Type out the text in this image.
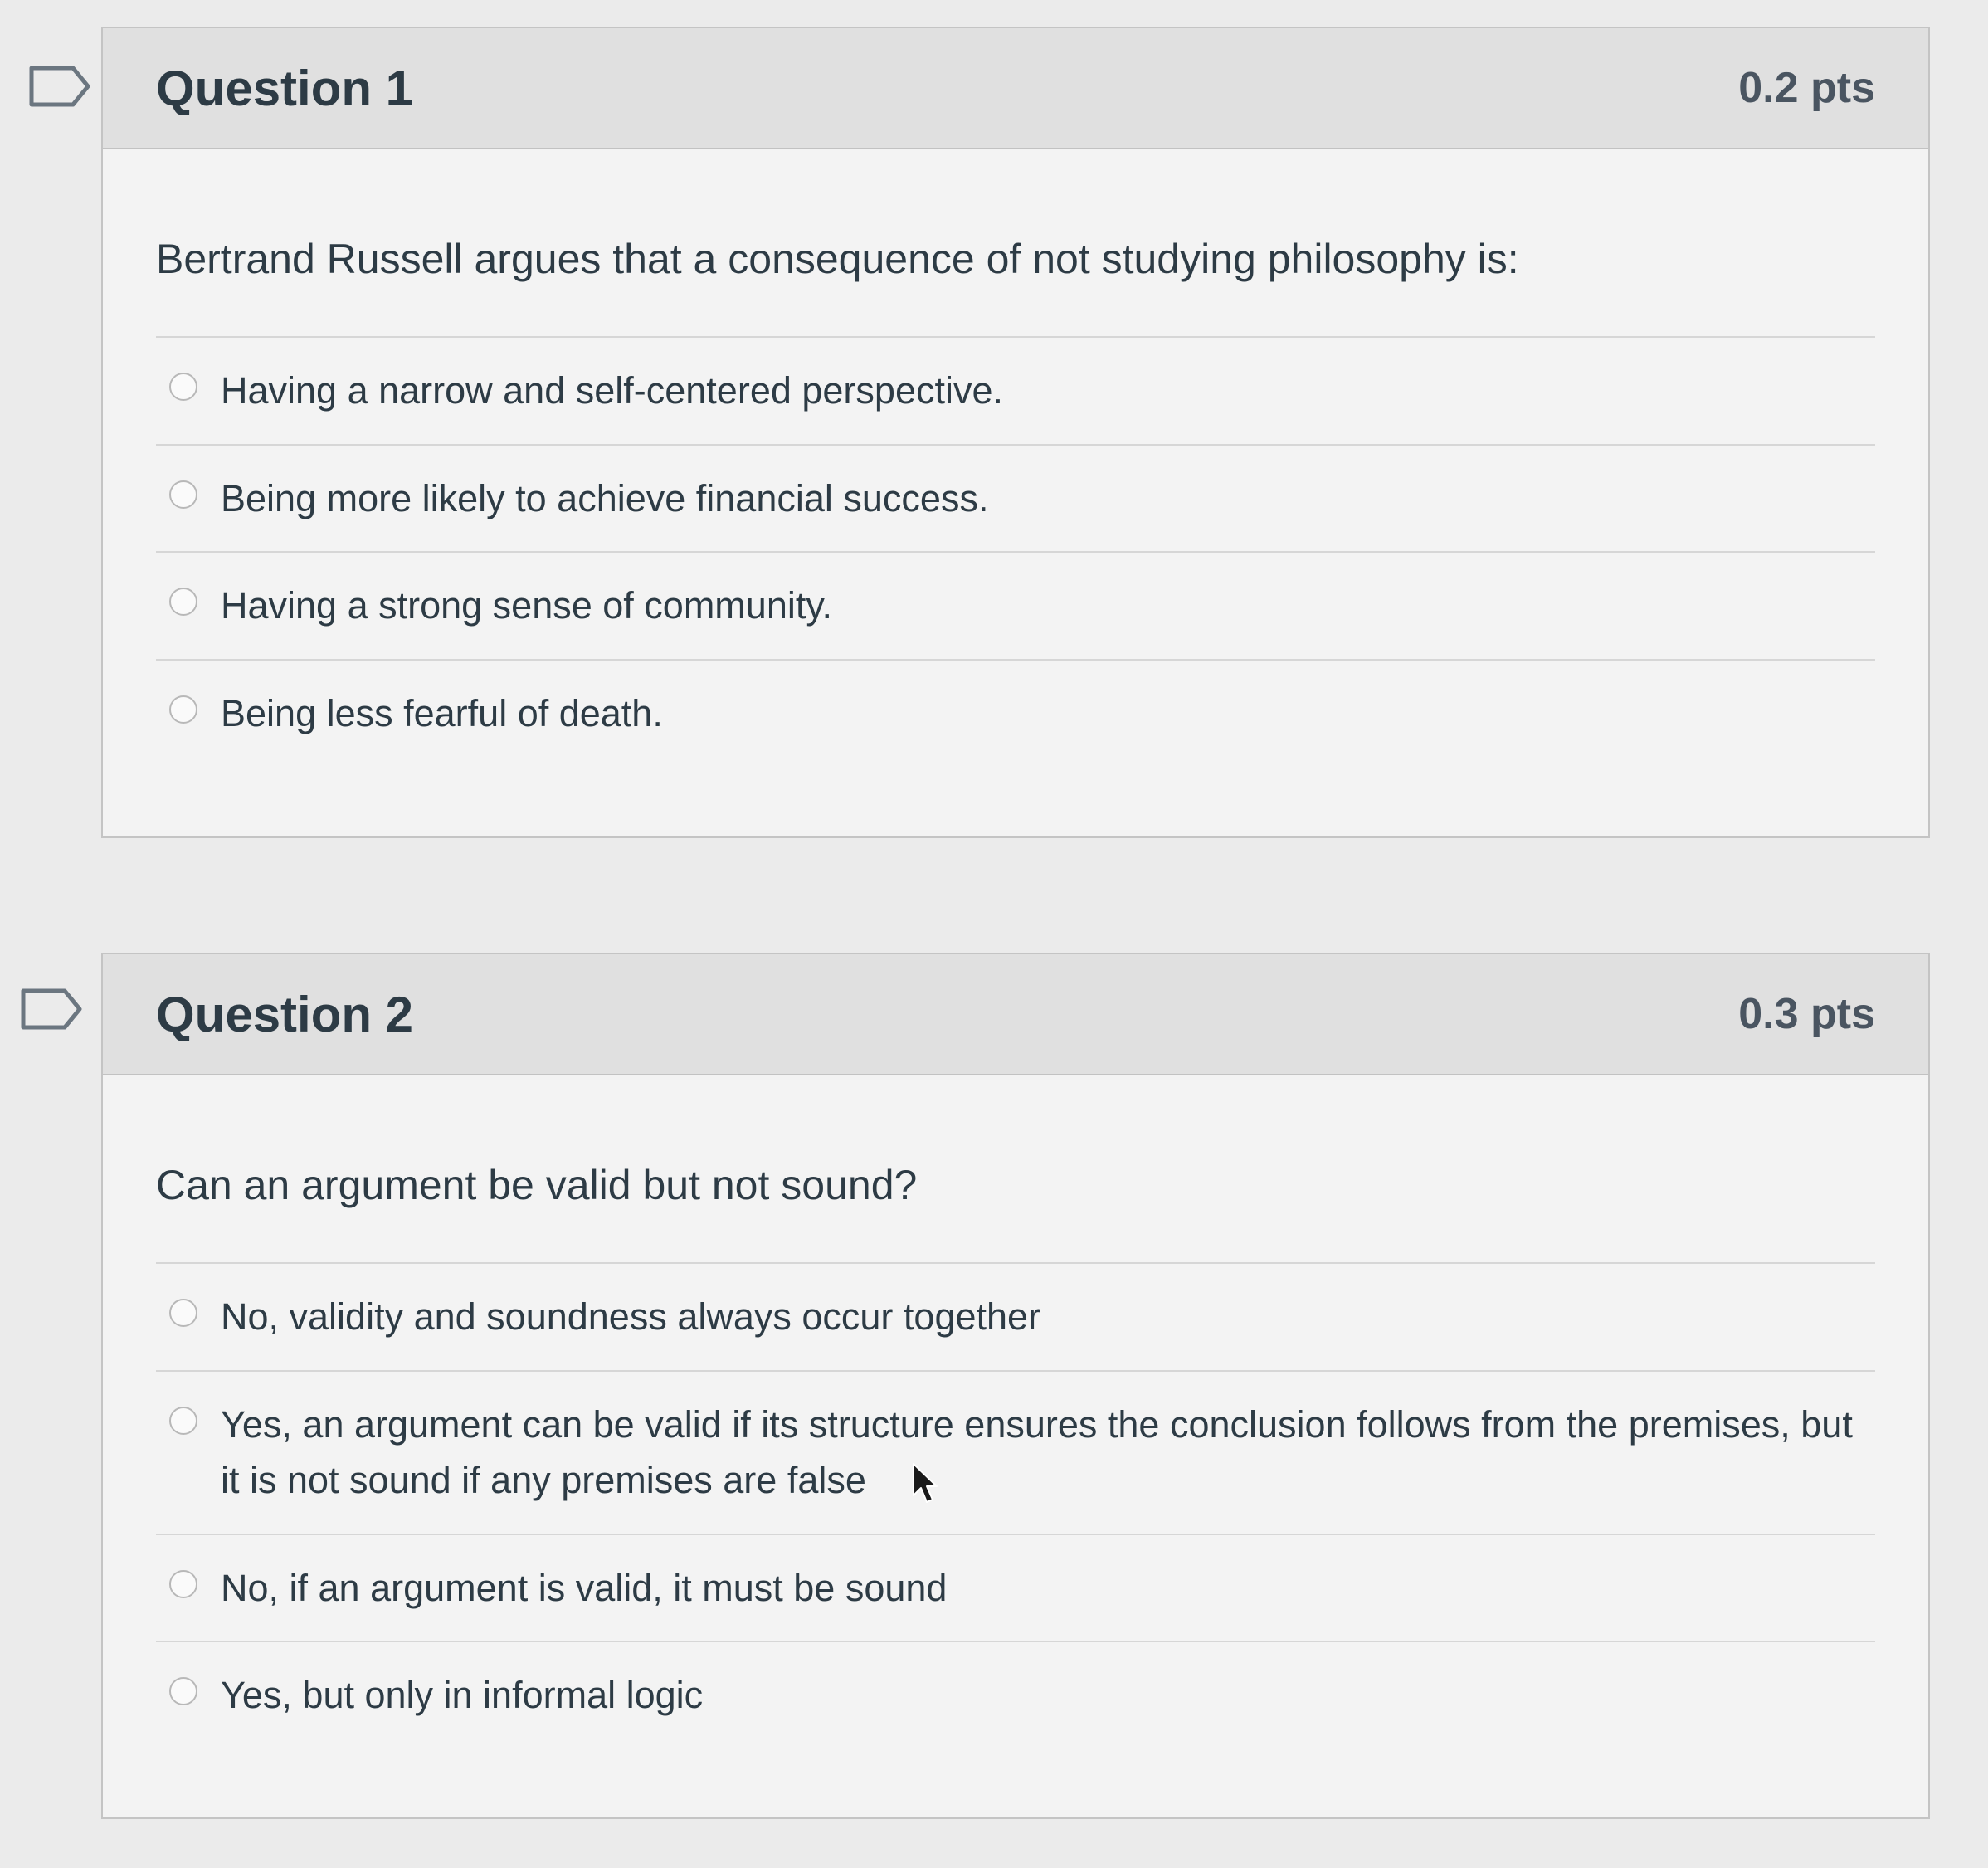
Question 1	0.2 pts
Bertrand Russell argues that a consequence of not studying philosophy is:
Having a narrow and self-centered perspective.
Being more likely to achieve financial success.
Having a strong sense of community.
Being less fearful of death.
Question 2	0.3 pts
Can an argument be valid but not sound?
No, validity and soundness always occur together
Yes, an argument can be valid if its structure ensures the conclusion follows from the premises, but it is not sound if any premises are false
No, if an argument is valid, it must be sound
Yes, but only in informal logic
